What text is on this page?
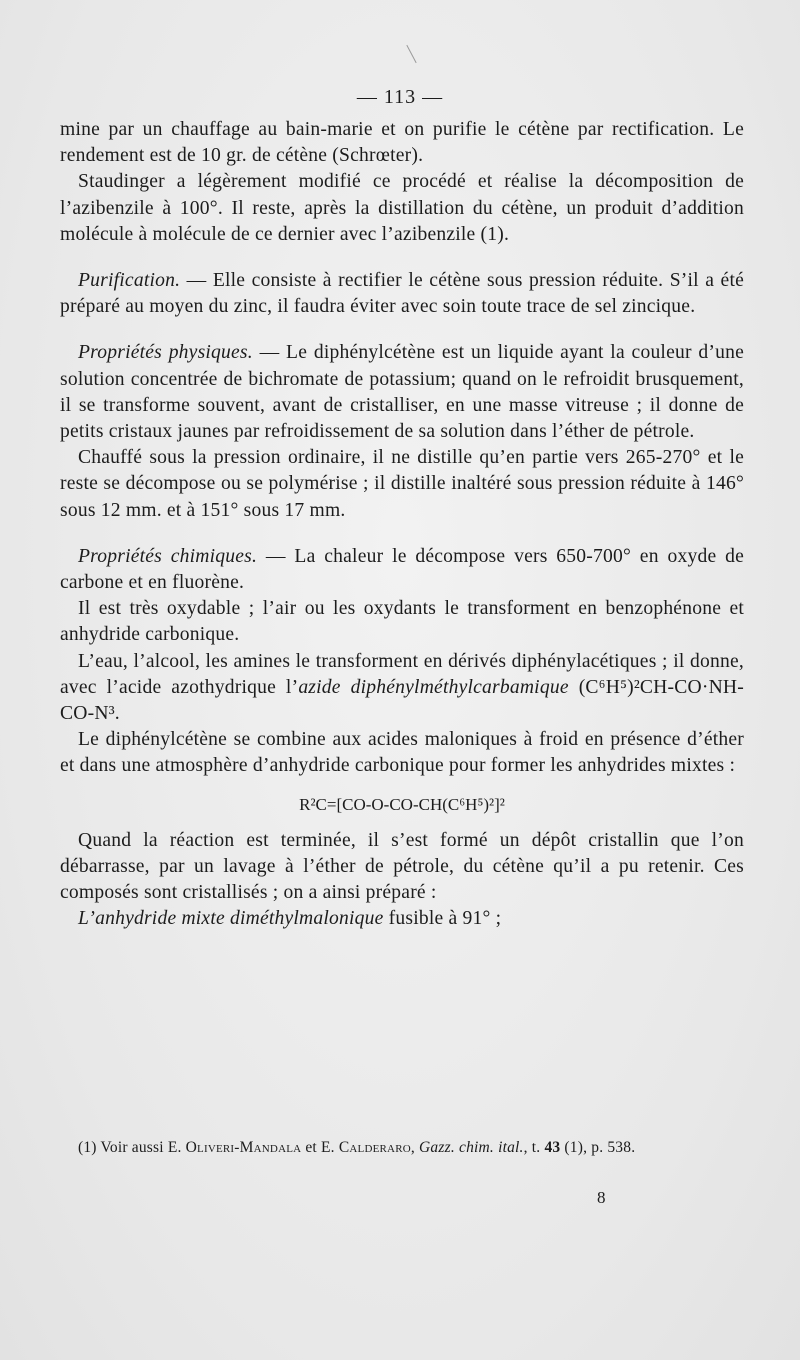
— 113 —

mine par un chauffage au bain-marie et on purifie le cétène par rectification. Le rendement est de 10 gr. de cétène (Schrœter).

Staudinger a légèrement modifié ce procédé et réalise la décomposition de l’azibenzile à 100°. Il reste, après la distillation du cétène, un produit d’addition molécule à molécule de ce dernier avec l’azibenzile (1).

Purification. — Elle consiste à rectifier le cétène sous pression réduite. S’il a été préparé au moyen du zinc, il faudra éviter avec soin toute trace de sel zincique.

Propriétés physiques. — Le diphénylcétène est un liquide ayant la couleur d’une solution concentrée de bichromate de potassium; quand on le refroidit brusquement, il se transforme souvent, avant de cristalliser, en une masse vitreuse ; il donne de petits cristaux jaunes par refroidissement de sa solution dans l’éther de pétrole.

Chauffé sous la pression ordinaire, il ne distille qu’en partie vers 265-270° et le reste se décompose ou se polymérise ; il distille inaltéré sous pression réduite à 146° sous 12 mm. et à 151° sous 17 mm.

Propriétés chimiques. — La chaleur le décompose vers 650-700° en oxyde de carbone et en fluorène.

Il est très oxydable ; l’air ou les oxydants le transforment en benzophénone et anhydride carbonique.

L’eau, l’alcool, les amines le transforment en dérivés diphénylacétiques ; il donne, avec l’acide azothydrique l’azide diphénylméthylcarbamique (C⁶H⁵)²CH-CO·NH-CO-N³.

Le diphénylcétène se combine aux acides maloniques à froid en présence d’éther et dans une atmosphère d’anhydride carbonique pour former les anhydrides mixtes :

R²C=[CO-O-CO-CH(C⁶H⁵)²]²

Quand la réaction est terminée, il s’est formé un dépôt cristallin que l’on débarrasse, par un lavage à l’éther de pétrole, du cétène qu’il a pu retenir. Ces composés sont cristallisés ; on a ainsi préparé :

L’anhydride mixte diméthylmalonique fusible à 91° ;

(1) Voir aussi E. Oliveri-Mandala et E. Calderaro, Gazz. chim. ital., t. 43 (1), p. 538.
8
